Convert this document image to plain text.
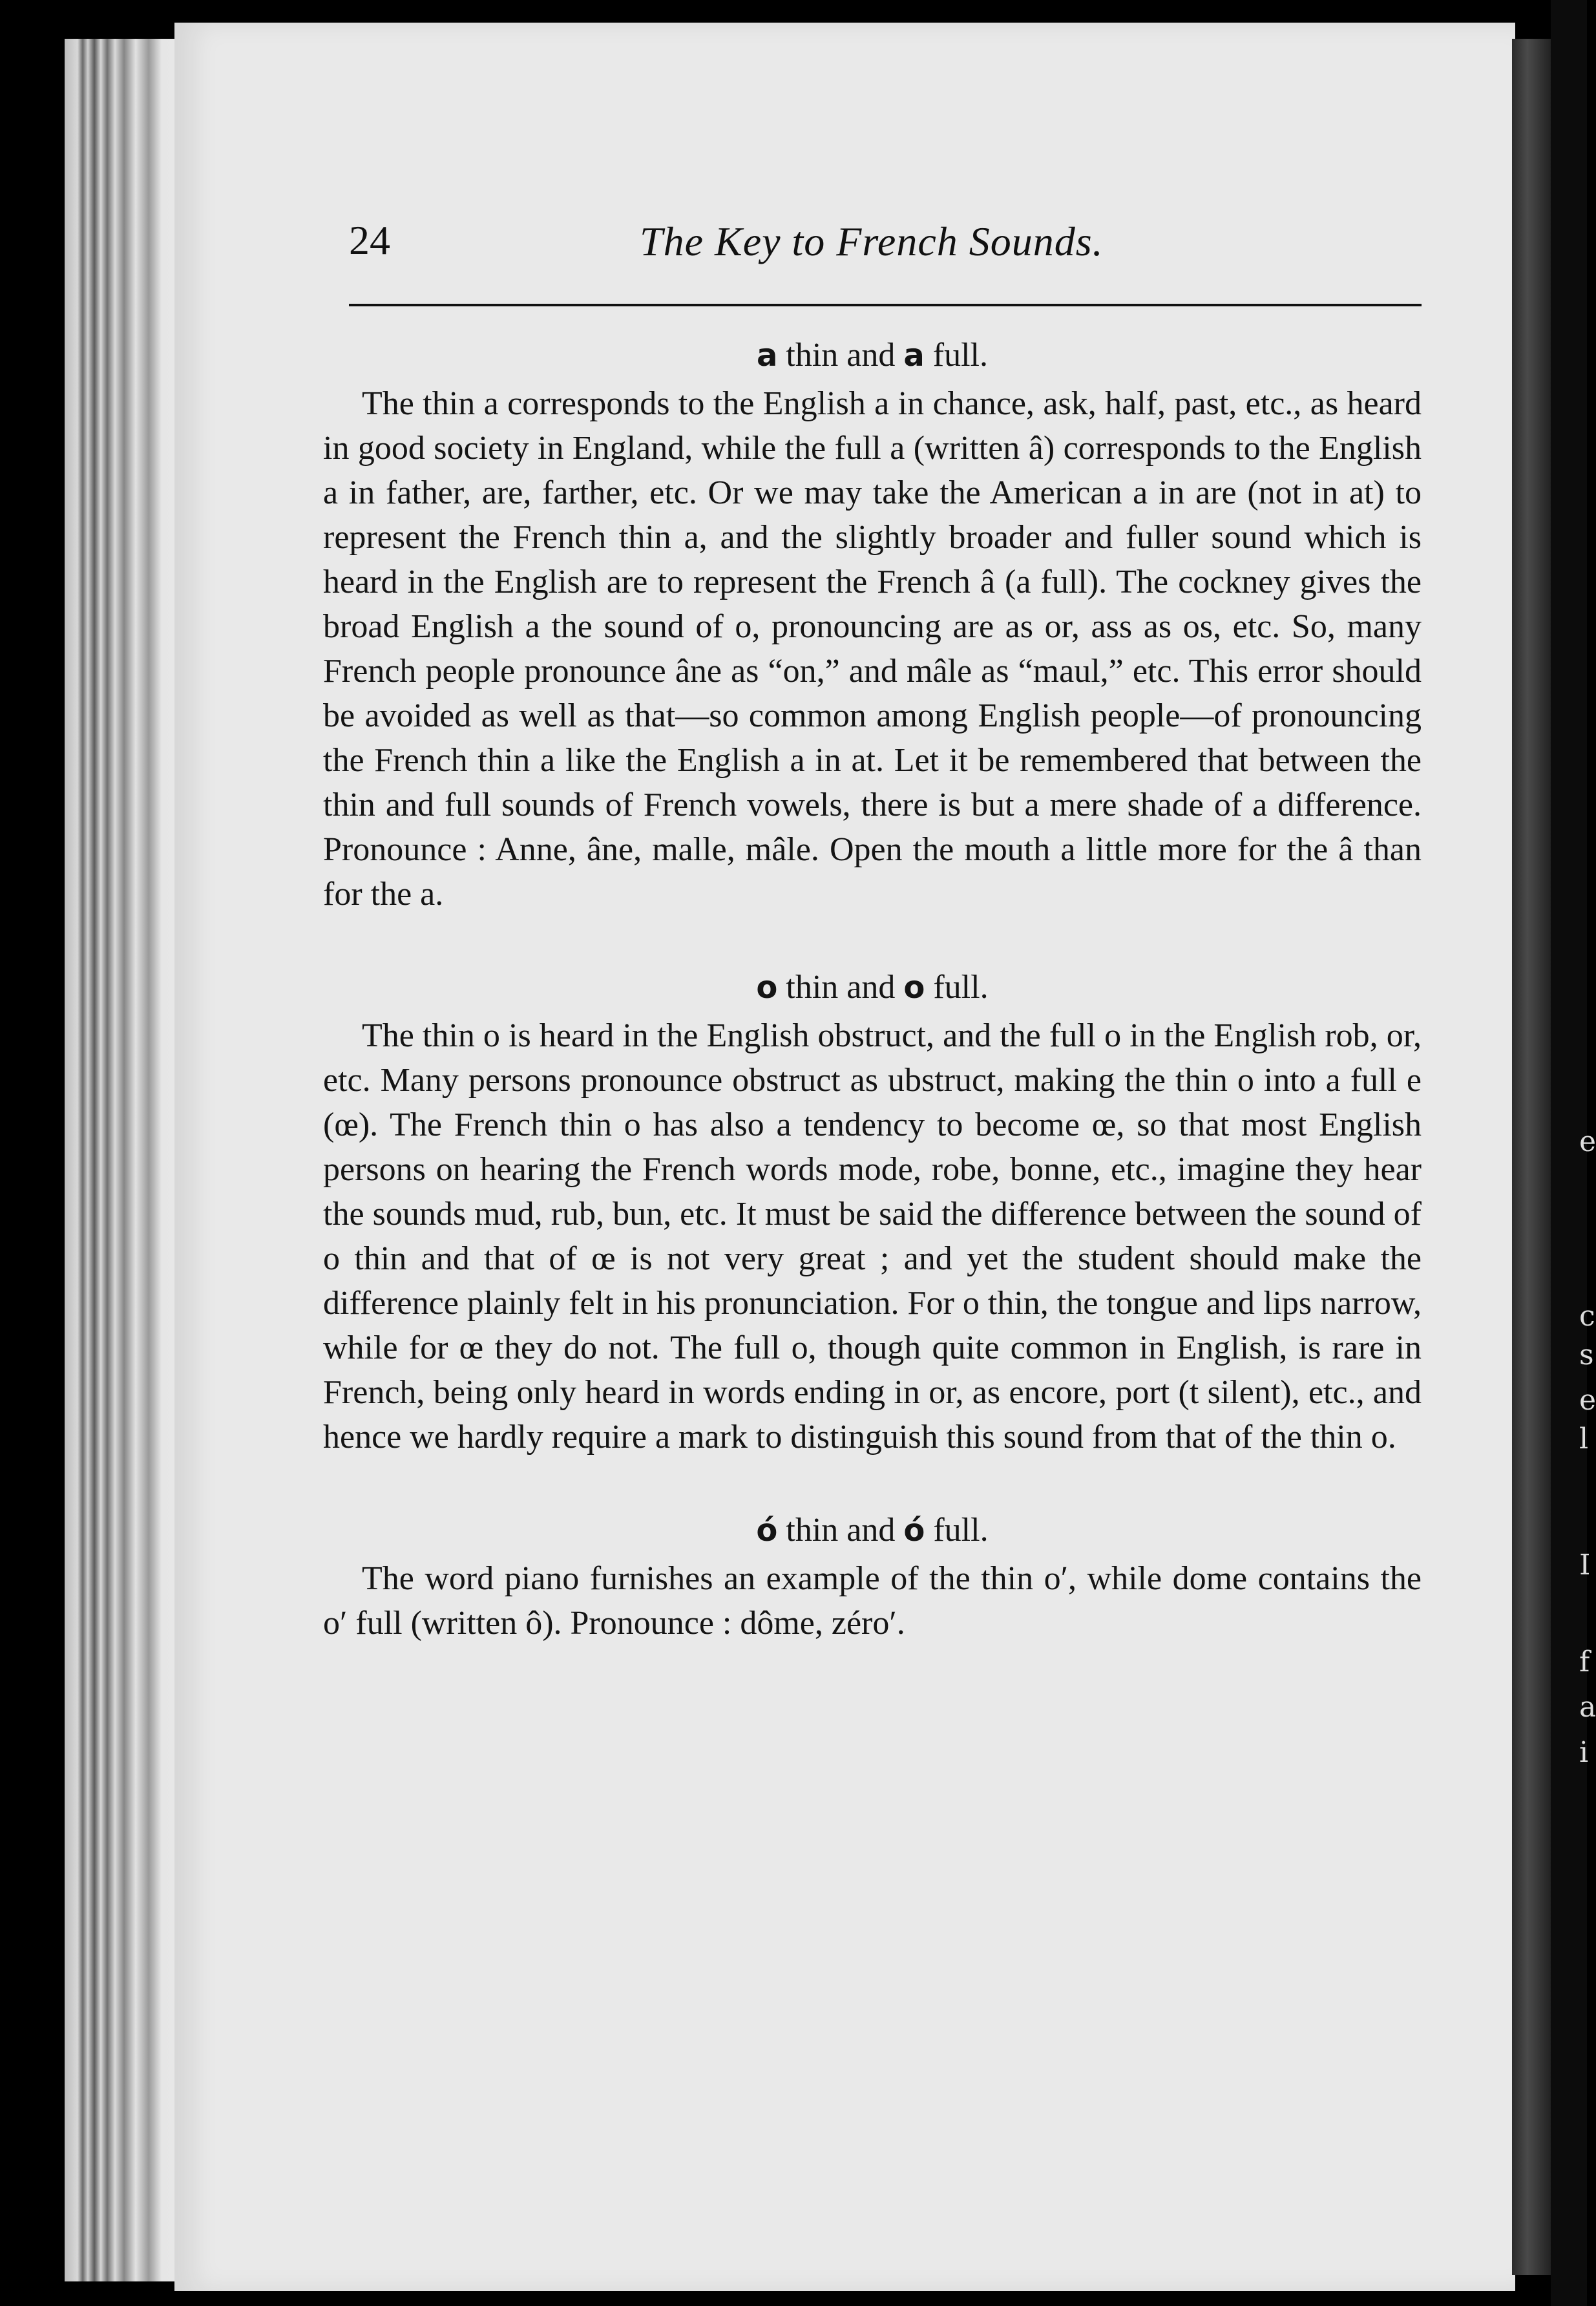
e
c
s
e
l
I
f
a
i
24	The Key to French Sounds.

a thin and a full.

The thin a corresponds to the English a in chance, ask, half, past, etc., as heard in good society in England, while the full a (written â) corresponds to the English a in father, are, farther, etc. Or we may take the American a in are (not in at) to represent the French thin a, and the slightly broader and fuller sound which is heard in the English are to represent the French â (a full). The cockney gives the broad English a the sound of o, pronouncing are as or, ass as os, etc. So, many French people pronounce âne as “on,” and mâle as “maul,” etc. This error should be avoided as well as that—so common among English people—of pronouncing the French thin a like the English a in at. Let it be remembered that between the thin and full sounds of French vowels, there is but a mere shade of a difference. Pronounce : Anne, âne, malle, mâle. Open the mouth a little more for the â than for the a.

o thin and o full.

The thin o is heard in the English obstruct, and the full o in the English rob, or, etc. Many persons pronounce obstruct as ubstruct, making the thin o into a full e (œ). The French thin o has also a tendency to become œ, so that most English persons on hearing the French words mode, robe, bonne, etc., imagine they hear the sounds mud, rub, bun, etc. It must be said the difference between the sound of o thin and that of œ is not very great ; and yet the student should make the difference plainly felt in his pronunciation. For o thin, the tongue and lips narrow, while for œ they do not. The full o, though quite common in English, is rare in French, being only heard in words ending in or, as encore, port (t silent), etc., and hence we hardly require a mark to distinguish this sound from that of the thin o.

ó thin and ó full.

The word piano furnishes an example of the thin o′, while dome contains the o′ full (written ô). Pronounce : dôme, zéro′.
